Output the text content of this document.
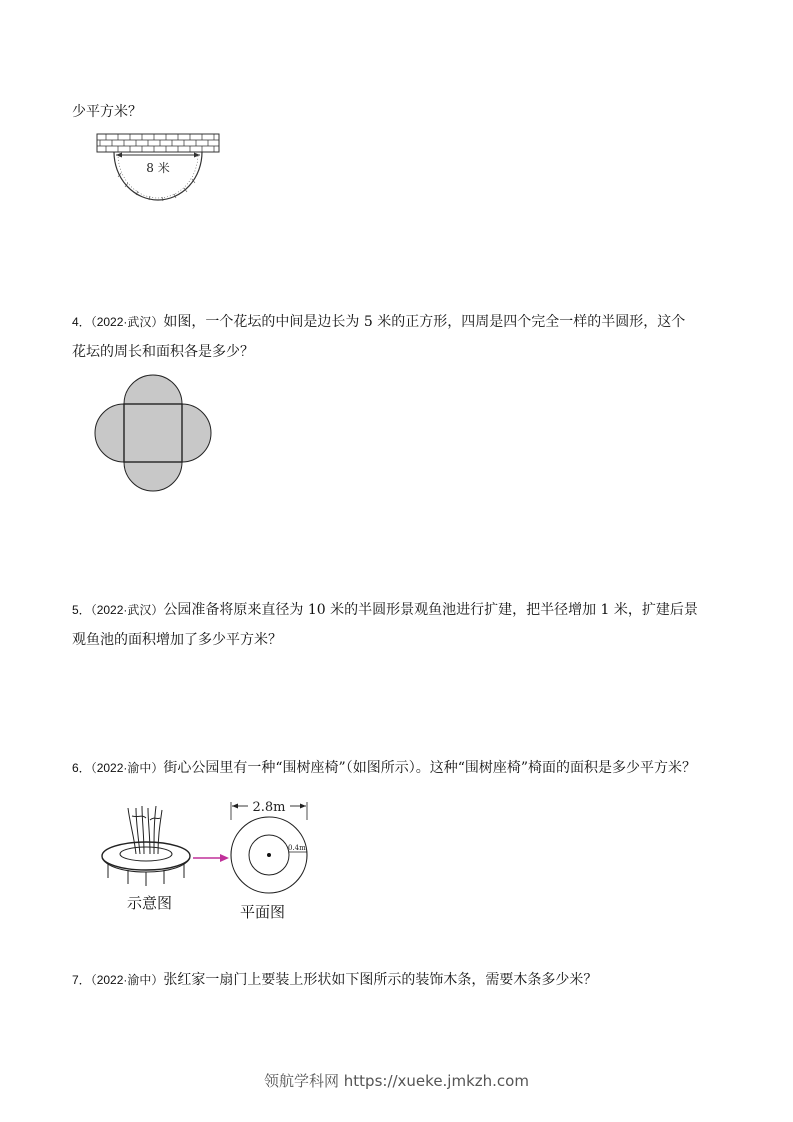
少平方米？
8 米
4．（2022·武汉）如图，一个花坛的中间是边长为 5 米的正方形，四周是四个完全一样的半圆形，这个
花坛的周长和面积各是多少？
5．（2022·武汉）公园准备将原来直径为 10 米的半圆形景观鱼池进行扩建，把半径增加 1 米，扩建后景
观鱼池的面积增加了多少平方米？
6．（2022·渝中）街心公园里有一种“围树座椅”（如图所示）。这种“围树座椅”椅面的面积是多少平方米？
示意图
2.8m
0.4m
平面图
7．（2022·渝中）张红家一扇门上要装上形状如下图所示的装饰木条，需要木条多少米？
领航学科网 https://xueke.jmkzh.com
